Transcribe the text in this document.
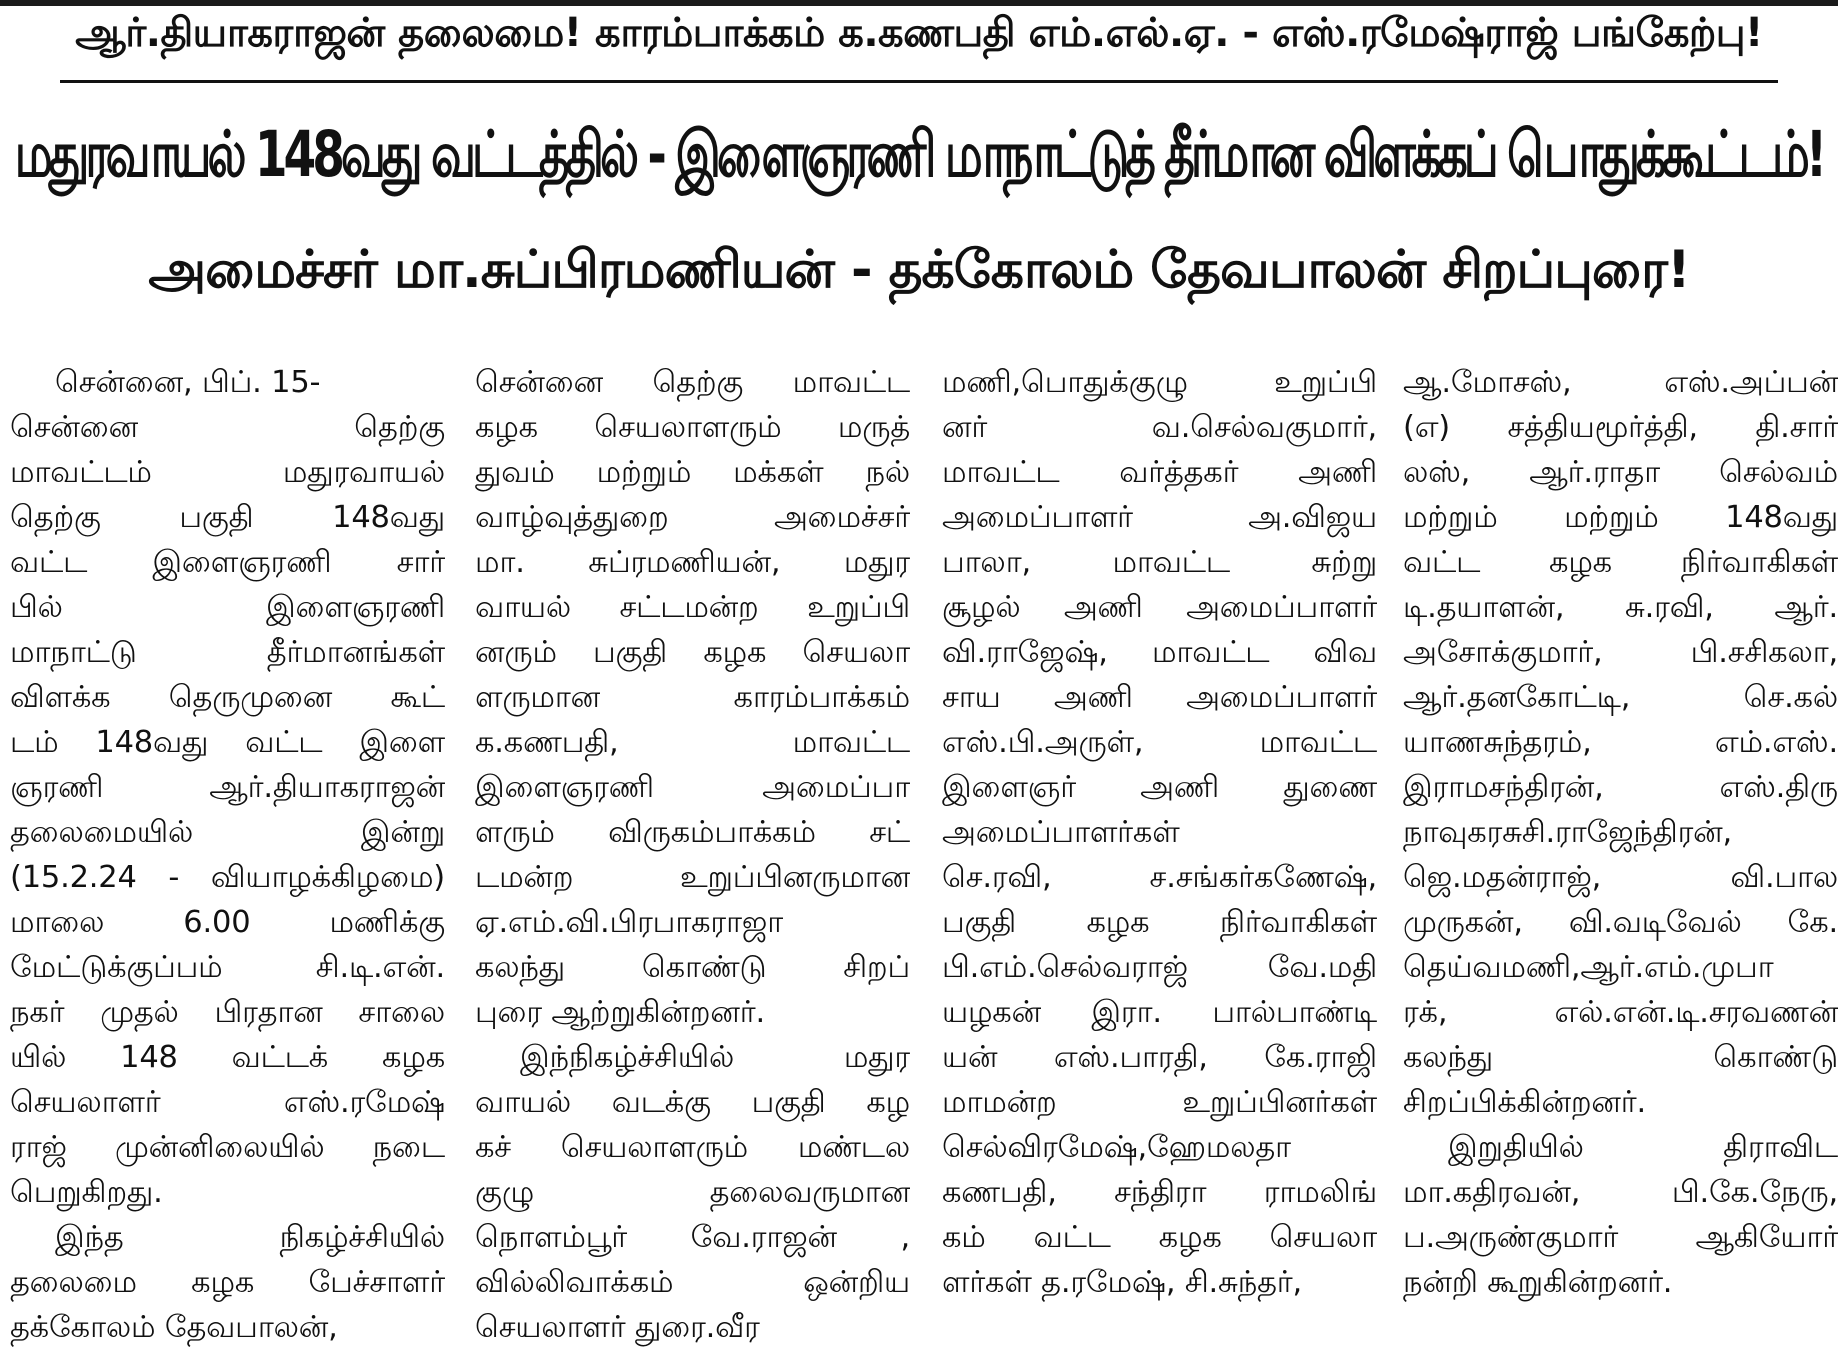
ஆர்.தியாகராஜன் தலைமை! காரம்பாக்கம் க.கணபதி எம்.எல்.ஏ. - எஸ்.ரமேஷ்ராஜ் பங்கேற்பு!
மதுரவாயல் 148வது வட்டத்தில் - இளைஞரணி மாநாட்டுத் தீர்மான விளக்கப் பொதுக்கூட்டம்!
அமைச்சர் மா.சுப்பிரமணியன் - தக்கோலம் தேவபாலன் சிறப்புரை!
சென்னை, பிப். 15-
சென்னை தெற்கு
மாவட்டம் மதுரவாயல்
தெற்கு பகுதி 148வது
வட்ட இளைஞரணி சார்
பில் இளைஞரணி
மாநாட்டு தீர்மானங்கள்
விளக்க தெருமுனை கூட்
டம் 148வது வட்ட இளை
ஞரணி ஆர்.தியாகராஜன்
தலைமையில் இன்று
(15.2.24 - வியாழக்கிழமை)
மாலை 6.00 மணிக்கு
மேட்டுக்குப்பம் சி.டி.என்.
நகர் முதல் பிரதான சாலை
யில் 148 வட்டக் கழக
செயலாளர் எஸ்.ரமேஷ்
ராஜ் முன்னிலையில் நடை
பெறுகிறது.
இந்த நிகழ்ச்சியில்
தலைமை கழக பேச்சாளர்
தக்கோலம் தேவபாலன்,
சென்னை தெற்கு மாவட்ட
கழக செயலாளரும் மருத்
துவம் மற்றும் மக்கள் நல்
வாழ்வுத்துறை அமைச்சர்
மா. சுப்ரமணியன், மதுர
வாயல் சட்டமன்ற உறுப்பி
னரும் பகுதி கழக செயலா
ளருமான காரம்பாக்கம்
க.கணபதி, மாவட்ட
இளைஞரணி அமைப்பா
ளரும் விருகம்பாக்கம் சட்
டமன்ற உறுப்பினருமான
ஏ.எம்.வி.பிரபாகராஜா
கலந்து கொண்டு சிறப்
புரை ஆற்றுகின்றனர்.
இந்நிகழ்ச்சியில் மதுர
வாயல் வடக்கு பகுதி கழ
கச் செயலாளரும் மண்டல
குழு தலைவருமான
நொளம்பூர் வே.ராஜன் ,
வில்லிவாக்கம் ஒன்றிய
செயலாளர் துரை.வீர
மணி,பொதுக்குழு உறுப்பி
னர் வ.செல்வகுமார்,
மாவட்ட வர்த்தகர் அணி
அமைப்பாளர் அ.விஜய
பாலா, மாவட்ட சுற்று
சூழல் அணி அமைப்பாளர்
வி.ராஜேஷ், மாவட்ட விவ
சாய அணி அமைப்பாளர்
எஸ்.பி.அருள், மாவட்ட
இளைஞர் அணி துணை
அமைப்பாளர்கள்
செ.ரவி, ச.சங்கர்கணேஷ்,
பகுதி கழக நிர்வாகிகள்
பி.எம்.செல்வராஜ் வே.மதி
யழகன் இரா. பால்பாண்டி
யன் எஸ்.பாரதி, கே.ராஜி
மாமன்ற உறுப்பினர்கள்
செல்விரமேஷ்,ஹேமலதா
கணபதி, சந்திரா ராமலிங்
கம் வட்ட கழக செயலா
ளர்கள் த.ரமேஷ், சி.சுந்தர்,
ஆ.மோசஸ், எஸ்.அப்பன்
(எ) சத்தியமூர்த்தி, தி.சார்
லஸ், ஆர்.ராதா செல்வம்
மற்றும் மற்றும் 148வது
வட்ட கழக நிர்வாகிகள்
டி.தயாளன், சு.ரவி, ஆர்.
அசோக்குமார், பி.சசிகலா,
ஆர்.தனகோட்டி, செ.கல்
யாணசுந்தரம், எம்.எஸ்.
இராமசந்திரன், எஸ்.திரு
நாவுகரசுசி.ராஜேந்திரன்,
ஜெ.மதன்ராஜ், வி.பால
முருகன், வி.வடிவேல் கே.
தெய்வமணி,ஆர்.எம்.முபா
ரக், எல்.என்.டி.சரவணன்
கலந்து கொண்டு
சிறப்பிக்கின்றனர்.
இறுதியில் திராவிட
மா.கதிரவன், பி.கே.நேரு,
ப.அருண்குமார் ஆகியோர்
நன்றி கூறுகின்றனர்.
